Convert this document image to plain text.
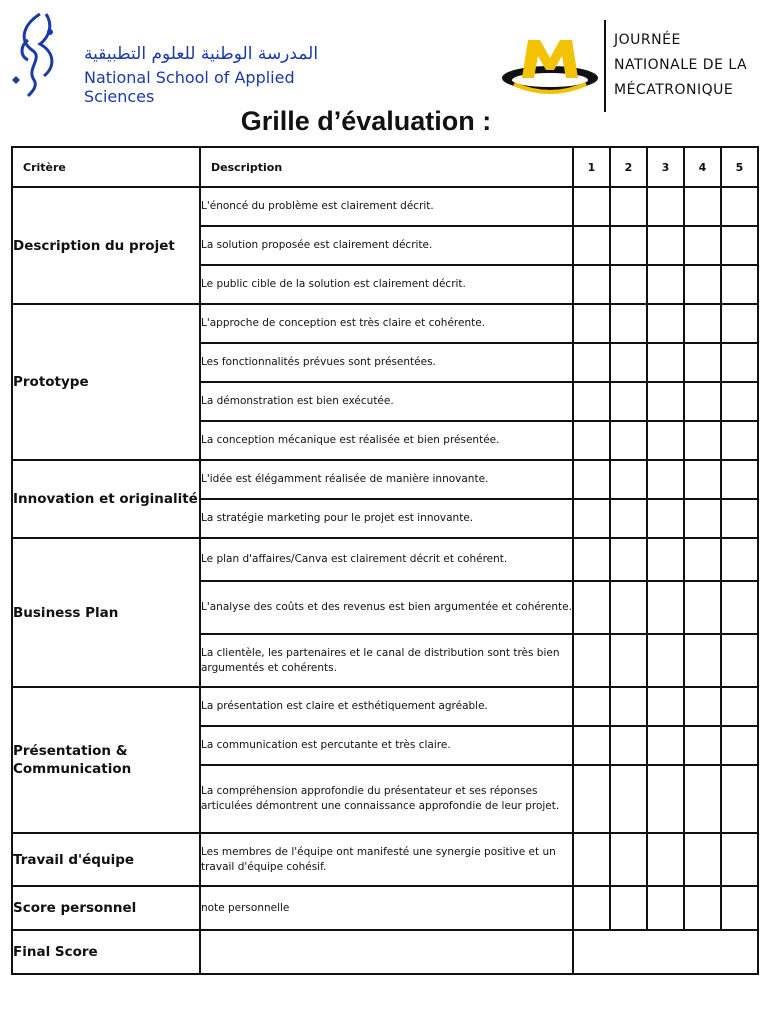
المدرسة الوطنية للعلوم التطبيقية
National School of Applied Sciences
JOURNÉE
NATIONALE DE LA
MÉCATRONIQUE
Grille d’évaluation :
Critère	Description	1	2	3	4	5
Description du projet	L'énoncé du problème est clairement décrit.					
	La solution proposée est clairement décrite.					
	Le public cible de la solution est clairement décrit.					
Prototype	L'approche de conception est très claire et cohérente.					
	Les fonctionnalités prévues sont présentées.					
	La démonstration est bien exécutée.					
	La conception mécanique est réalisée et bien présentée.					
Innovation et originalité	L'idée est élégamment réalisée de manière innovante.					
	La stratégie marketing pour le projet est innovante.					
Business Plan	Le plan d'affaires/Canva est clairement décrit et cohérent.					
	L'analyse des coûts et des revenus est bien argumentée et cohérente.					
	La clientèle, les partenaires et le canal de distribution sont très bien argumentés et cohérents.					
Présentation & Communication	La présentation est claire et esthétiquement agréable.					
	La communication est percutante et très claire.					
	La compréhension approfondie du présentateur et ses réponses articulées démontrent une connaissance approfondie de leur projet.					
Travail d'équipe	Les membres de l'équipe ont manifesté une synergie positive et un travail d'équipe cohésif.					
Score personnel	note personnelle					
Final Score						
